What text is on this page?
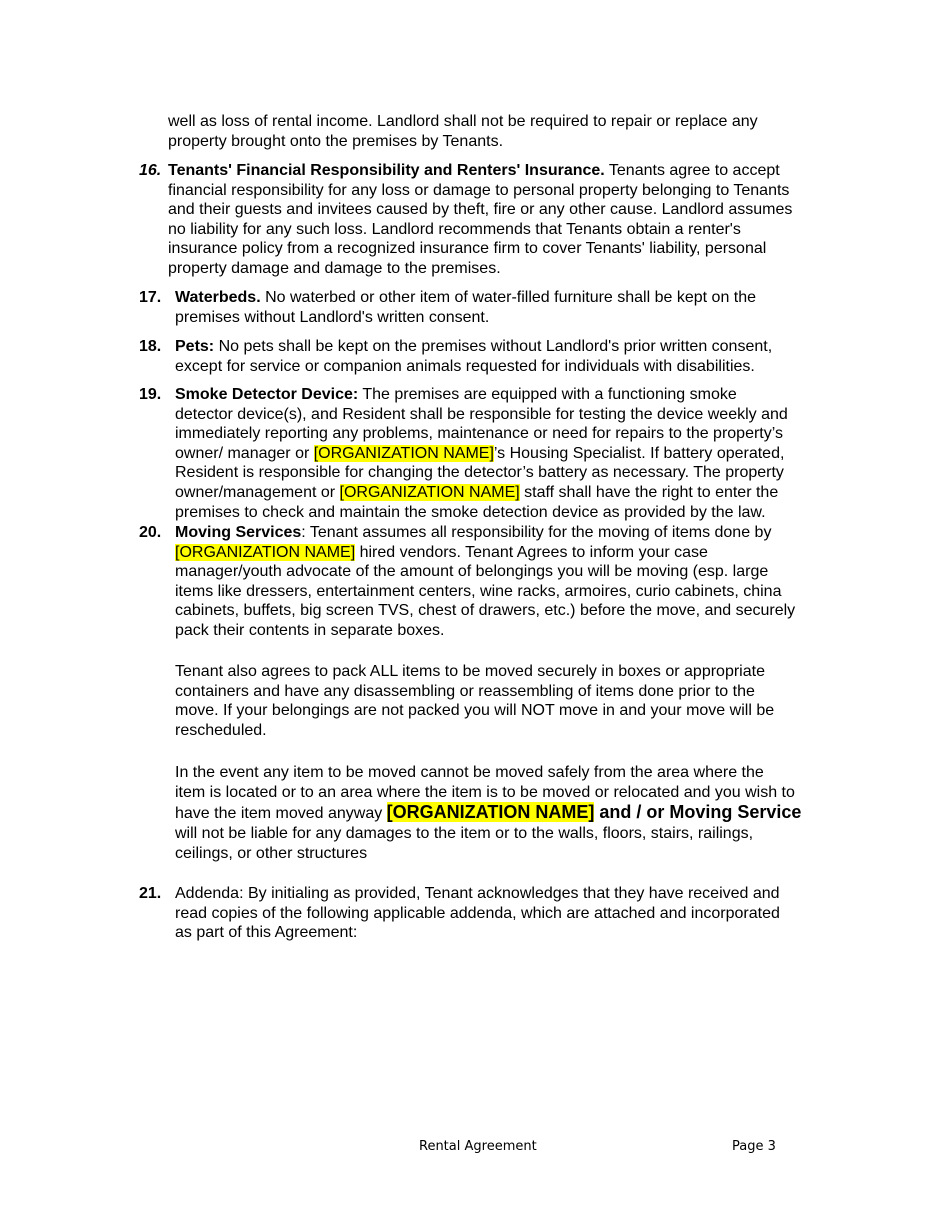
well as loss of rental income. Landlord shall not be required to repair or replace any
property brought onto the premises by Tenants.
16. Tenants' Financial Responsibility and Renters' Insurance. Tenants agree to accept
financial responsibility for any loss or damage to personal property belonging to Tenants
and their guests and invitees caused by theft, fire or any other cause. Landlord assumes
no liability for any such loss. Landlord recommends that Tenants obtain a renter's
insurance policy from a recognized insurance firm to cover Tenants' liability, personal
property damage and damage to the premises.
17. Waterbeds. No waterbed or other item of water-filled furniture shall be kept on the
premises without Landlord's written consent.
18. Pets: No pets shall be kept on the premises without Landlord's prior written consent,
except for service or companion animals requested for individuals with disabilities.
19. Smoke Detector Device: The premises are equipped with a functioning smoke
detector device(s), and Resident shall be responsible for testing the device weekly and
immediately reporting any problems, maintenance or need for repairs to the property’s
owner/ manager or [ORGANIZATION NAME]’s Housing Specialist. If battery operated,
Resident is responsible for changing the detector’s battery as necessary. The property
owner/management or [ORGANIZATION NAME] staff shall have the right to enter the
premises to check and maintain the smoke detection device as provided by the law.
20. Moving Services: Tenant assumes all responsibility for the moving of items done by
[ORGANIZATION NAME] hired vendors. Tenant Agrees to inform your case
manager/youth advocate of the amount of belongings you will be moving (esp. large
items like dressers, entertainment centers, wine racks, armoires, curio cabinets, china
cabinets, buffets, big screen TVS, chest of drawers, etc.) before the move, and securely
pack their contents in separate boxes.
Tenant also agrees to pack ALL items to be moved securely in boxes or appropriate
containers and have any disassembling or reassembling of items done prior to the
move. If your belongings are not packed you will NOT move in and your move will be
rescheduled.
In the event any item to be moved cannot be moved safely from the area where the
item is located or to an area where the item is to be moved or relocated and you wish to
have the item moved anyway [ORGANIZATION NAME] and / or Moving Service
will not be liable for any damages to the item or to the walls, floors, stairs, railings,
ceilings, or other structures
21. Addenda: By initialing as provided, Tenant acknowledges that they have received and
read copies of the following applicable addenda, which are attached and incorporated
as part of this Agreement:
Rental Agreement	Page 3
